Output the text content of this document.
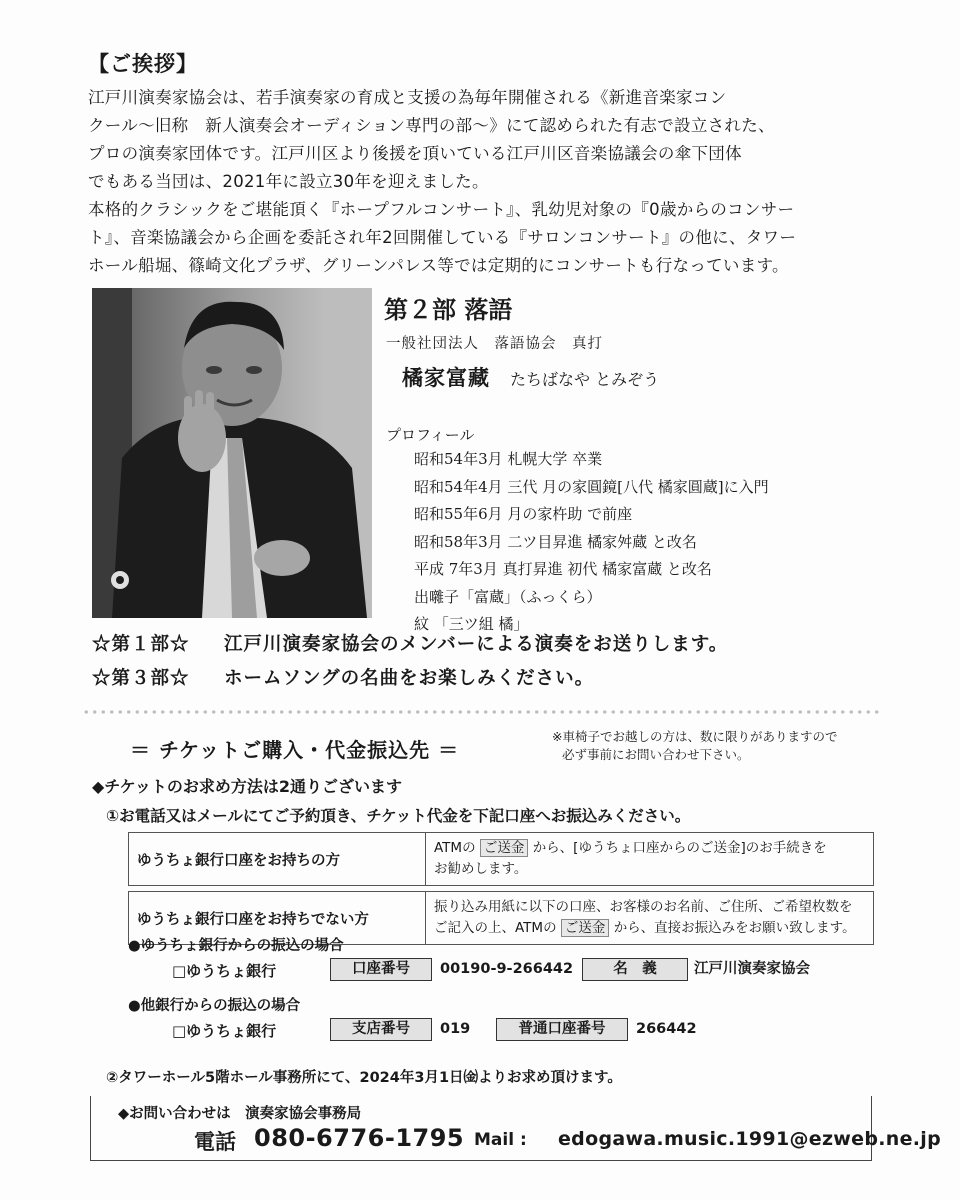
【ご挨拶】

江戸川演奏家協会は、若手演奏家の育成と支援の為毎年開催される《新進音楽家コン

クール〜旧称　新人演奏会オーディション専門の部〜》にて認められた有志で設立された、

プロの演奏家団体です。江戸川区より後援を頂いている江戸川区音楽協議会の傘下団体

でもある当団は、2021年に設立30年を迎えました。

本格的クラシックをご堪能頂く『ホープフルコンサート』、乳幼児対象の『0歳からのコンサー

ト』、音楽協議会から企画を委託され年2回開催している『サロンコンサート』の他に、タワー

ホール船堀、篠崎文化プラザ、グリーンパレス等では定期的にコンサートも行なっています。

第２部 落語
一般社団法人　落語協会　真打
橘家富藏 たちばなや とみぞう
プロフィール
昭和54年3月 札幌大学 卒業
昭和54年4月 三代 月の家圓鏡[八代 橘家圓蔵]に入門
昭和55年6月 月の家杵助 で前座
昭和58年3月 二ツ目昇進 橘家舛蔵 と改名
平成 7年3月 真打昇進 初代 橘家富蔵 と改名
出囃子「富蔵」（ふっくら）
紋 「三ツ組 橘」
☆第１部☆ 江戸川演奏家協会のメンバーによる演奏をお送りします。
☆第３部☆ ホームソングの名曲をお楽しみください。
＝ チケットご購入・代金振込先 ＝
※車椅子でお越しの方は、数に限りがありますので
必ず事前にお問い合わせ下さい。
◆チケットのお求め方法は2通りございます
①お電話又はメールにてご予約頂き、チケット代金を下記口座へお振込みください。
ゆうちょ銀行口座をお持ちの方	ATMの ご送金 から、[ゆうちょ口座からのご送金]のお手続きを
お勧めします。

ゆうちょ銀行口座をお持ちでない方	振り込み用紙に以下の口座、お客様のお名前、ご住所、ご希望枚数を
ご記入の上、ATMの ご送金 から、直接お振込みをお願い致します。
●ゆうちょ銀行からの振込の場合
□ゆうちょ銀行	口座番号	00190-9-266442	名　義	江戸川演奏家協会
●他銀行からの振込の場合
□ゆうちょ銀行	支店番号	019	普通口座番号	266442
②タワーホール5階ホール事務所にて、2024年3月1日㈮よりお求め頂けます。
◆お問い合わせは　演奏家協会事務局
電話 080-6776-1795 Mail : edogawa.music.1991@ezweb.ne.jp
